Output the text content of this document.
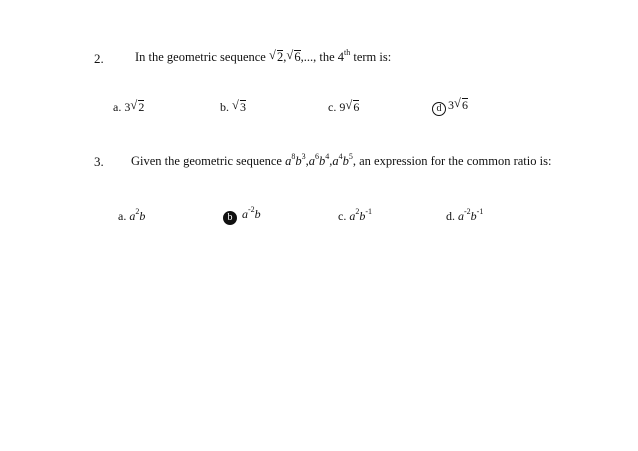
2.	In the geometric sequence √ 2, √ 6,..., the 4th term is:
a. 3 √ 2	b. √ 3	c. 9 √ 6	d 3 √ 6
3. Given the geometric sequence $a^8b^3,a^6b^4,a^4b^5$, an expression for the common ratio is:
a. $a^2b$	b $a^{-2}b$	c. $a^2b^{-1}$	d. $a^{-2}b^{-1}$
